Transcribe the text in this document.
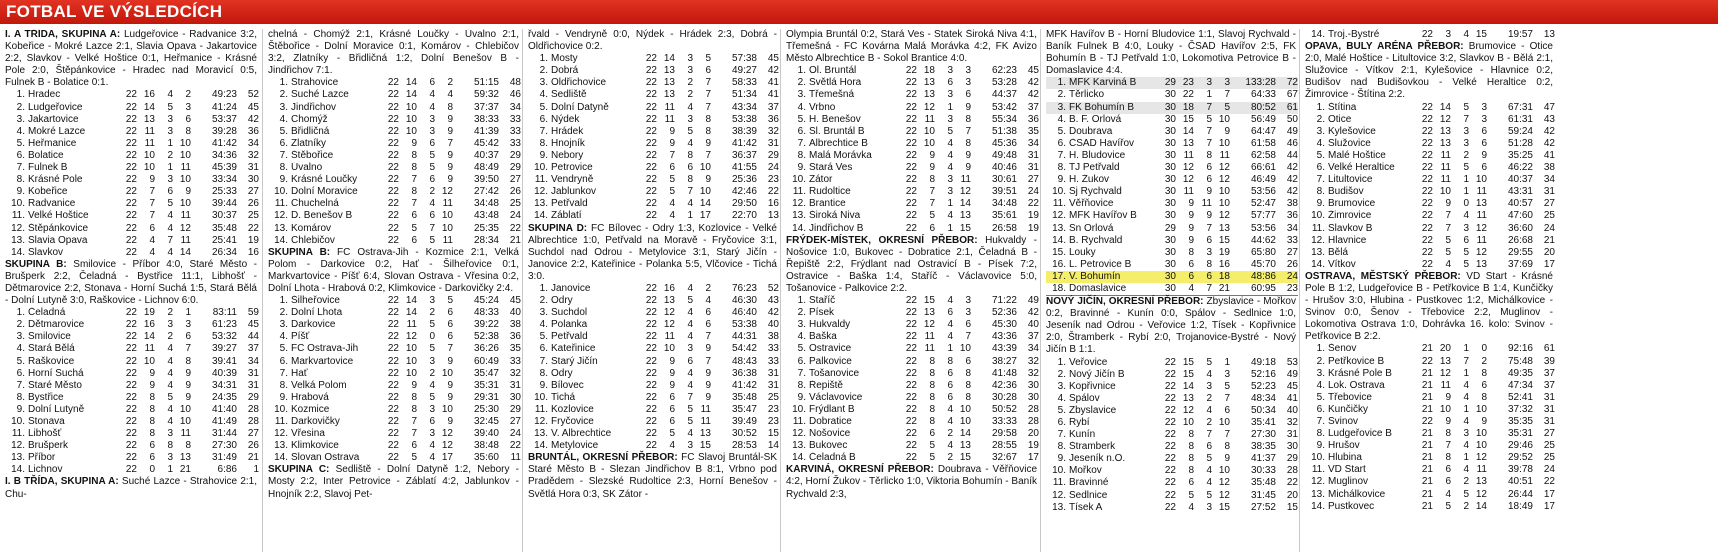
FOTBAL VE VÝSLEDCÍCH

I. A TŘÍDA, SKUPINA A: Ludgeřovice - Radvanice 3:2, Kobeřice - Mokré Lazce 2:1, Slavia Opava - Jakartovice 2:2, Slavkov - Velké Hoštice 0:1, Heřmanice - Krásné Pole 2:0, Štěpánkovice - Hradec nad Moravicí 0:5, Fulnek B - Bolatice 0:1.

1.	Hradec	22	16	4	2	49:23	52
2.	Ludgeřovice	22	14	5	3	41:24	45
3.	Jakartovice	22	13	3	6	53:37	42
4.	Mokré Lazce	22	11	3	8	39:28	36
5.	Heřmanice	22	11	1	10	41:42	34
6.	Bolatice	22	10	2	10	34:36	32
7.	Fulnek B	22	10	1	11	45:39	31
8.	Krásné Pole	22	9	3	10	33:34	30
9.	Kobeřice	22	7	6	9	25:33	27
10.	Radvanice	22	7	5	10	39:44	26
11.	Velké Hoštice	22	7	4	11	30:37	25
12.	Štěpánkovice	22	6	4	12	35:48	22
13.	Slavia Opava	22	4	7	11	25:41	19
14.	Slavkov	22	4	4	14	26:34	16

SKUPINA B: Smilovice - Příbor 4:0, Staré Město - Brušperk 2:2, Čeladná - Bystřice 11:1, Libhošť - Dětmarovice 2:2, Stonava - Horní Suchá 1:5, Stará Bělá - Dolní Lutyně 3:0, Raškovice - Lichnov 6:0.

1.	Čeladná	22	19	2	1	83:11	59
2.	Dětmarovice	22	16	3	3	61:23	45
3.	Smilovice	22	14	2	6	53:32	44
4.	Stará Bělá	22	11	4	7	39:27	37
5.	Raškovice	22	10	4	8	39:41	34
6.	Horní Suchá	22	9	4	9	40:39	31
7.	Staré Město	22	9	4	9	34:31	31
8.	Bystřice	22	8	5	9	24:35	29
9.	Dolní Lutyně	22	8	4	10	41:40	28
10.	Stonava	22	8	4	10	41:49	28
11.	Libhošť	22	8	3	11	31:44	27
12.	Brušperk	22	6	8	8	27:30	26
13.	Příbor	22	6	3	13	31:49	21
14.	Lichnov	22	0	1	21	6:86	1

I. B TŘÍDA, SKUPINA A: Suché Lazce - Strahovice 2:1, Chu-

chelná - Chomýž 2:1, Krásné Loučky - Úvalno 2:1, Štěbořice - Dolní Moravice 0:1, Komárov - Chlebičov 3:2, Zlatníky - Břidličná 1:2, Dolní Benešov B - Jindřichov 7:1.

1.	Strahovice	22	14	6	2	51:15	48
2.	Suché Lazce	22	14	4	4	59:32	46
3.	Jindřichov	22	10	4	8	37:37	34
4.	Chomýž	22	10	3	9	38:33	33
5.	Břidličná	22	10	3	9	41:39	33
6.	Zlatníky	22	9	6	7	45:42	33
7.	Štěbořice	22	8	5	9	40:37	29
8.	Úvalno	22	8	5	9	48:49	29
9.	Krásné Loučky	22	7	6	9	39:50	27
10.	Dolní Moravice	22	8	2	12	27:42	26
11.	Chuchelná	22	7	4	11	34:48	25
12.	D. Benešov B	22	6	6	10	43:48	24
13.	Komárov	22	5	7	10	25:35	22
14.	Chlebičov	22	6	5	11	28:34	21

SKUPINA B: FC Ostrava-Jih - Kozmice 2:1, Velká Polom - Darkovice 0:2, Hať - Šilheřovice 0:1, Markvartovice - Píšť 6:4, Slovan Ostrava - Vřesina 0:2, Dolní Lhota - Hrabová 0:2, Klimkovice - Darkovičky 2:4.

1.	Šilheřovice	22	14	3	5	45:24	45
2.	Dolní Lhota	22	14	2	6	48:33	40
3.	Darkovice	22	11	5	6	39:22	38
4.	Píšť	22	12	0	6	52:38	36
5.	FC Ostrava-Jih	22	10	5	7	36:26	35
6.	Markvartovice	22	10	3	9	60:49	33
7.	Hať	22	10	2	10	35:47	32
8.	Velká Polom	22	9	4	9	35:31	31
9.	Hrabová	22	8	5	9	29:31	30
10.	Kozmice	22	8	3	10	25:30	29
11.	Darkovičky	22	7	6	9	32:45	27
12.	Vřesina	22	7	3	12	39:40	24
13.	Klimkovice	22	6	4	12	38:48	22
14.	Slovan Ostrava	22	5	4	17	35:60	11

SKUPINA C: Sedliště - Dolní Datyně 1:2, Nebory - Mosty 2:2, Inter Petrovice - Záblatí 4:2, Jablunkov - Hnojník 2:2, Slavoj Pet-

řvald - Vendryně 0:0, Nýdek - Hrádek 2:3, Dobrá - Oldřichovice 0:2.

1.	Mosty	22	14	3	5	57:38	45
2.	Dobrá	22	13	3	6	49:27	42
3.	Oldřichovice	22	13	2	7	58:33	41
4.	Sedliště	22	13	2	7	51:34	41
5.	Dolní Datyně	22	11	4	7	43:34	37
6.	Nýdek	22	11	3	8	53:38	36
7.	Hrádek	22	9	5	8	38:39	32
8.	Hnojník	22	9	4	9	41:42	31
9.	Nebory	22	7	8	7	36:37	29
10.	Petrovice	22	6	6	10	41:55	24
11.	Vendryně	22	5	8	9	25:36	23
12.	Jablunkov	22	5	7	10	42:46	22
13.	Petřvald	22	4	4	14	29:50	16
14.	Záblatí	22	4	1	17	22:70	13

SKUPINA D: FC Bílovec - Odry 1:3, Kozlovice - Velké Albrechtice 1:0, Petřvald na Moravě - Fryčovice 3:1, Suchdol nad Odrou - Metylovice 3:1, Starý Jičín - Janovice 2:2, Kateřinice - Polanka 5:5, Vlčovice - Tichá 3:0.

1.	Janovice	22	16	4	2	76:23	52
2.	Odry	22	13	5	4	46:30	43
3.	Suchdol	22	12	4	6	46:40	42
4.	Polanka	22	12	4	6	53:38	40
5.	Petřvald	22	11	4	7	44:31	38
6.	Kateřinice	22	10	3	9	54:42	33
7.	Starý Jičín	22	9	6	7	48:43	33
8.	Odry	22	9	4	9	36:38	31
9.	Bílovec	22	9	4	9	41:42	31
10.	Tichá	22	6	7	9	35:48	25
11.	Kozlovice	22	6	5	11	35:47	23
12.	Fryčovice	22	6	5	11	39:49	23
13.	V. Albrechtice	22	5	4	13	30:52	15
14.	Metylovice	22	4	3	15	28:53	14

BRUNTÁL, OKRESNÍ PŘEBOR: FC Slavoj Bruntál-SK Staré Město B - Slezan Jindřichov B 8:1, Vrbno pod Pradědem - Slezské Rudoltice 2:3, Horní Benešov - Světlá Hora 0:3, SK Zátor -

Olympia Bruntál 0:2, Stará Ves - Statek Široká Niva 4:1, Třemešná - FC Kovárna Malá Morávka 4:2, FK Avizo Město Albrechtice B - Sokol Brantice 4:0.

1.	Ol. Bruntál	22	18	3	3	62:23	45
2.	Světlá Hora	22	13	6	3	53:28	42
3.	Třemešná	22	13	3	6	44:37	42
4.	Vrbno	22	12	1	9	53:42	37
5.	H. Benešov	22	11	3	8	55:34	36
6.	Sl. Bruntál B	22	10	5	7	51:38	35
7.	Albrechtice B	22	10	4	8	45:36	34
8.	Malá Morávka	22	9	4	9	49:48	31
9.	Stará Ves	22	9	4	9	40:46	31
10.	Zátor	22	8	3	11	30:61	27
11.	Rudoltice	22	7	3	12	39:51	24
12.	Brantice	22	7	1	14	34:48	22
13.	Široká Niva	22	5	4	13	35:61	19
14.	Jindřichov B	22	6	1	15	26:58	19

FRÝDEK-MÍSTEK, OKRESNÍ PŘEBOR: Hukvaldy - Nošovice 1:0, Bukovec - Dobratice 2:1, Čeladná B - Řepiště 2:2, Frýdlant nad Ostravicí B - Písek 7:2, Ostravice - Baška 1:4, Staříč - Václavovice 5:0, Tošanovice - Palkovice 2:2.

1.	Staříč	22	15	4	3	71:22	49
2.	Písek	22	13	6	3	52:36	42
3.	Hukvaldy	22	12	4	6	45:30	40
4.	Baška	22	11	4	7	43:36	37
5.	Ostravice	22	11	1	10	43:39	34
6.	Palkovice	22	8	8	6	38:27	32
7.	Tošanovice	22	8	6	8	41:48	32
8.	Řepiště	22	8	6	8	42:36	30
9.	Václavovice	22	8	6	8	30:28	30
10.	Frýdlant B	22	8	4	10	50:52	28
11.	Dobratice	22	8	4	10	33:33	28
12.	Nošovice	22	6	2	14	29:58	20
13.	Bukovec	22	5	4	13	28:55	19
14.	Čeladná B	22	5	2	15	32:67	17

KARVINÁ, OKRESNÍ PŘEBOR: Doubrava - Věřňovice 4:2, Horní Žukov - Těrlicko 1:0, Viktoria Bohumín - Baník Rychvald 2:3,

MFK Havířov B - Horní Bludovice 1:1, Slavoj Rychvald - Baník Fulnek B 4:0, Louky - ČSAD Havířov 2:5, FK Bohumín B - TJ Petřvald 1:0, Lokomotiva Petrovice B - Domaslavice 4:4.

1.	MFK Karviná B	29	23	3	3	133:28	72
2.	Těrlicko	30	22	1	7	64:33	67
3.	FK Bohumín B	30	18	7	5	80:52	61
4.	B. F. Orlová	30	15	5	10	56:49	50
5.	Doubrava	30	14	7	9	64:47	49
6.	ČSAD Havířov	30	13	7	10	61:58	46
7.	H. Bludovice	30	11	8	11	62:58	44
8.	TJ Petřvald	30	12	6	12	66:61	42
9.	H. Žukov	30	12	6	12	46:49	42
10.	Sj Rychvald	30	11	9	10	53:56	42
11.	Věřňovice	30	9	11	10	52:47	38
12.	MFK Havířov B	30	9	9	12	57:77	36
13.	Sn Orlová	29	9	7	13	53:56	34
14.	B. Rychvald	30	9	6	15	44:62	33
15.	Louky	30	8	3	19	65:80	27
16.	L. Petrovice B	30	6	8	16	45:70	26
17.	V. Bohumín	30	6	6	18	48:86	24
18.	Domaslavice	30	4	7	21	60:95	23

NOVÝ JIČÍN, OKRESNÍ PŘEBOR: Zbyslavice - Mořkov 0:2, Bravinné - Kunín 0:0, Spálov - Sedlnice 1:0, Jeseník nad Odrou - Veřovice 1:2, Tísek - Kopřivnice 2:0, Štramberk - Rybí 2:0, Trojanovice-Bystré - Nový Jičín B 1:1.

1.	Veřovice	22	15	5	1	49:18	53
2.	Nový Jičín B	22	15	4	3	52:16	49
3.	Kopřivnice	22	14	3	5	52:23	45
4.	Spálov	22	13	2	7	48:34	41
5.	Zbyslavice	22	12	4	6	50:34	40
6.	Rybí	22	10	2	10	35:41	32
7.	Kunín	22	8	7	7	27:30	31
8.	Štramberk	22	8	6	8	38:35	30
9.	Jeseník n.O.	22	8	5	9	41:37	29
10.	Mořkov	22	8	4	10	30:33	28
11.	Bravinné	22	6	4	12	35:48	22
12.	Sedlnice	22	5	5	12	31:45	20
13.	Tísek A	22	4	3	15	27:52	15
14.	Troj.-Bystré	22	3	4	15	19:57	13

OPAVA, BULY ARÉNA PŘEBOR: Brumovice - Otice 2:0, Malé Hoštice - Litultovice 3:2, Slavkov B - Bělá 2:1, Služovice - Vítkov 2:1, Kylešovice - Hlavnice 0:2, Budišov nad Budišovkou - Velké Heraltice 0:2, Žimrovice - Štítina 2:2.

1.	Štítina	22	14	5	3	67:31	47
2.	Otice	22	12	7	3	61:31	43
3.	Kylešovice	22	13	3	6	59:24	42
4.	Služovice	22	13	3	6	51:28	42
5.	Malé Hoštice	22	11	2	9	35:25	41
6.	Velké Heraltice	22	11	5	6	46:22	38
7.	Litultovice	22	11	1	10	40:37	34
8.	Budišov	22	10	1	11	43:31	31
9.	Brumovice	22	9	0	13	40:57	27
10.	Žimrovice	22	7	4	11	47:60	25
11.	Slavkov B	22	7	3	12	36:60	24
12.	Hlavnice	22	5	6	11	26:68	21
13.	Bělá	22	5	5	12	29:55	20
14.	Vítkov	22	4	5	13	37:69	17

OSTRAVA, MĚSTSKÝ PŘEBOR: VD Start - Krásné Pole B 1:2, Ludgeřovice B - Petřkovice B 1:4, Kunčičky - Hrušov 3:0, Hlubina - Pustkovec 1:2, Michálkovice - Svinov 0:0, Šenov - Třebovice 2:2, Muglinov - Lokomotiva Ostrava 1:0, Dohrávka 16. kolo: Svinov - Petřkovice B 2:2.

1.	Šenov	21	20	1	0	92:16	61
2.	Petřkovice B	22	13	7	2	75:48	39
3.	Krásné Pole B	21	12	1	8	49:35	37
4.	Lok. Ostrava	21	11	4	6	47:34	37
5.	Třebovice	21	9	4	8	52:41	31
6.	Kunčičky	21	10	1	10	37:32	31
7.	Svinov	22	9	4	9	35:35	31
8.	Ludgeřovice B	21	8	3	10	35:31	27
9.	Hrušov	21	7	4	10	29:46	25
10.	Hlubina	21	8	1	12	29:52	25
11.	VD Start	21	6	4	11	39:78	24
12.	Muglinov	21	6	2	13	40:51	22
13.	Michálkovice	21	4	5	12	26:44	17
14.	Pustkovec	21	5	2	14	18:49	17
